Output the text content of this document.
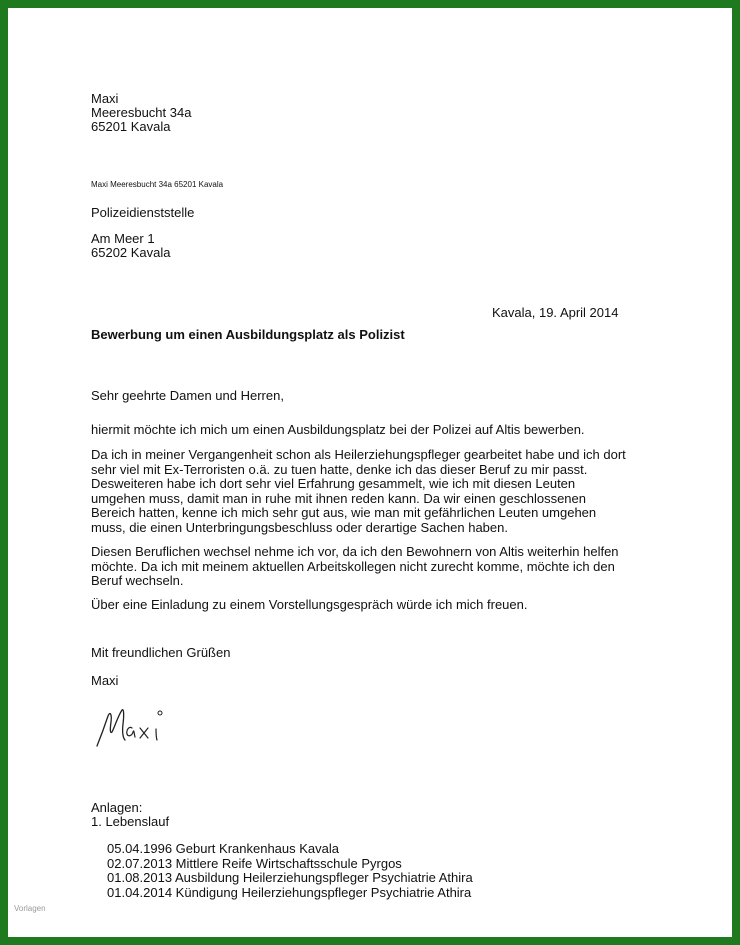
Maxi
Meeresbucht 34a
65201 Kavala
Maxi Meeresbucht 34a 65201 Kavala
Polizeidienststelle
Am Meer 1
65202 Kavala
Kavala, 19. April 2014
Bewerbung um einen Ausbildungsplatz als Polizist
Sehr geehrte Damen und Herren,
hiermit möchte ich mich um einen Ausbildungsplatz bei der Polizei auf Altis bewerben.
Da ich in meiner Vergangenheit schon als Heilerziehungspfleger gearbeitet habe und ich dort
sehr viel mit Ex-Terroristen o.ä. zu tuen hatte, denke ich das dieser Beruf zu mir passt.
Desweiteren habe ich dort sehr viel Erfahrung gesammelt, wie ich mit diesen Leuten
umgehen muss, damit man in ruhe mit ihnen reden kann. Da wir einen geschlossenen
Bereich hatten, kenne ich mich sehr gut aus, wie man mit gefährlichen Leuten umgehen
muss, die einen Unterbringungsbeschluss oder derartige Sachen haben.
Diesen Beruflichen wechsel nehme ich vor, da ich den Bewohnern von Altis weiterhin helfen
möchte. Da ich mit meinem aktuellen Arbeitskollegen nicht zurecht komme, möchte ich den
Beruf wechseln.
Über eine Einladung zu einem Vorstellungsgespräch würde ich mich freuen.
Mit freundlichen Grüßen
Maxi
Anlagen:
1. Lebenslauf
05.04.1996 Geburt Krankenhaus Kavala
02.07.2013 Mittlere Reife Wirtschaftsschule Pyrgos
01.08.2013 Ausbildung Heilerziehungspfleger Psychiatrie Athira
01.04.2014 Kündigung Heilerziehungspfleger Psychiatrie Athira
Vorlagen
